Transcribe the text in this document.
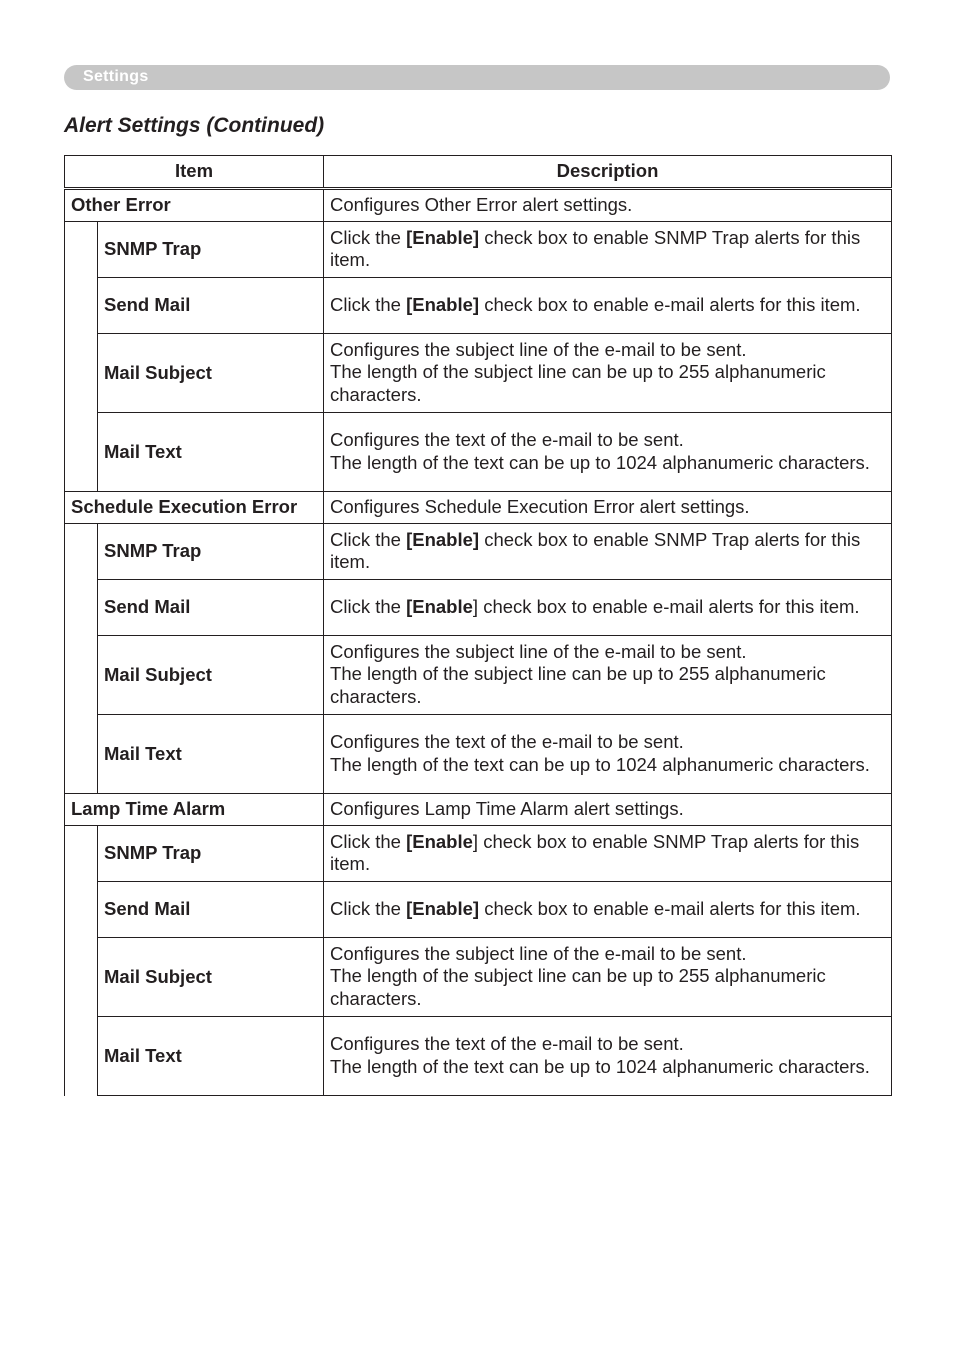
Settings
Alert Settings (Continued)
Item		Description
Other Error		Configures Other Error alert settings.
	SNMP Trap	Click the [Enable] check box to enable SNMP Trap alerts for this item.
	Send Mail	Click the [Enable] check box to enable e-mail alerts for this item.
	Mail Subject	Configures the subject line of the e-mail to be sent.

The length of the subject line can be up to 255 alphanumeric characters.

	Mail Text	Configures the text of the e-mail to be sent.

The length of the text can be up to 1024 alphanumeric characters.

Schedule Execution Error		Configures Schedule Execution Error alert settings.
	SNMP Trap	Click the [Enable] check box to enable SNMP Trap alerts for this item.
	Send Mail	Click the [Enable] check box to enable e-mail alerts for this item.
	Mail Subject	Configures the subject line of the e-mail to be sent.

The length of the subject line can be up to 255 alphanumeric characters.

	Mail Text	Configures the text of the e-mail to be sent.

The length of the text can be up to 1024 alphanumeric characters.

Lamp Time Alarm		Configures Lamp Time Alarm alert settings.
	SNMP Trap	Click the [Enable] check box to enable SNMP Trap alerts for this item.
	Send Mail	Click the [Enable] check box to enable e-mail alerts for this item.
	Mail Subject	Configures the subject line of the e-mail to be sent.

The length of the subject line can be up to 255 alphanumeric characters.

	Mail Text	Configures the text of the e-mail to be sent.

The length of the text can be up to 1024 alphanumeric characters.
